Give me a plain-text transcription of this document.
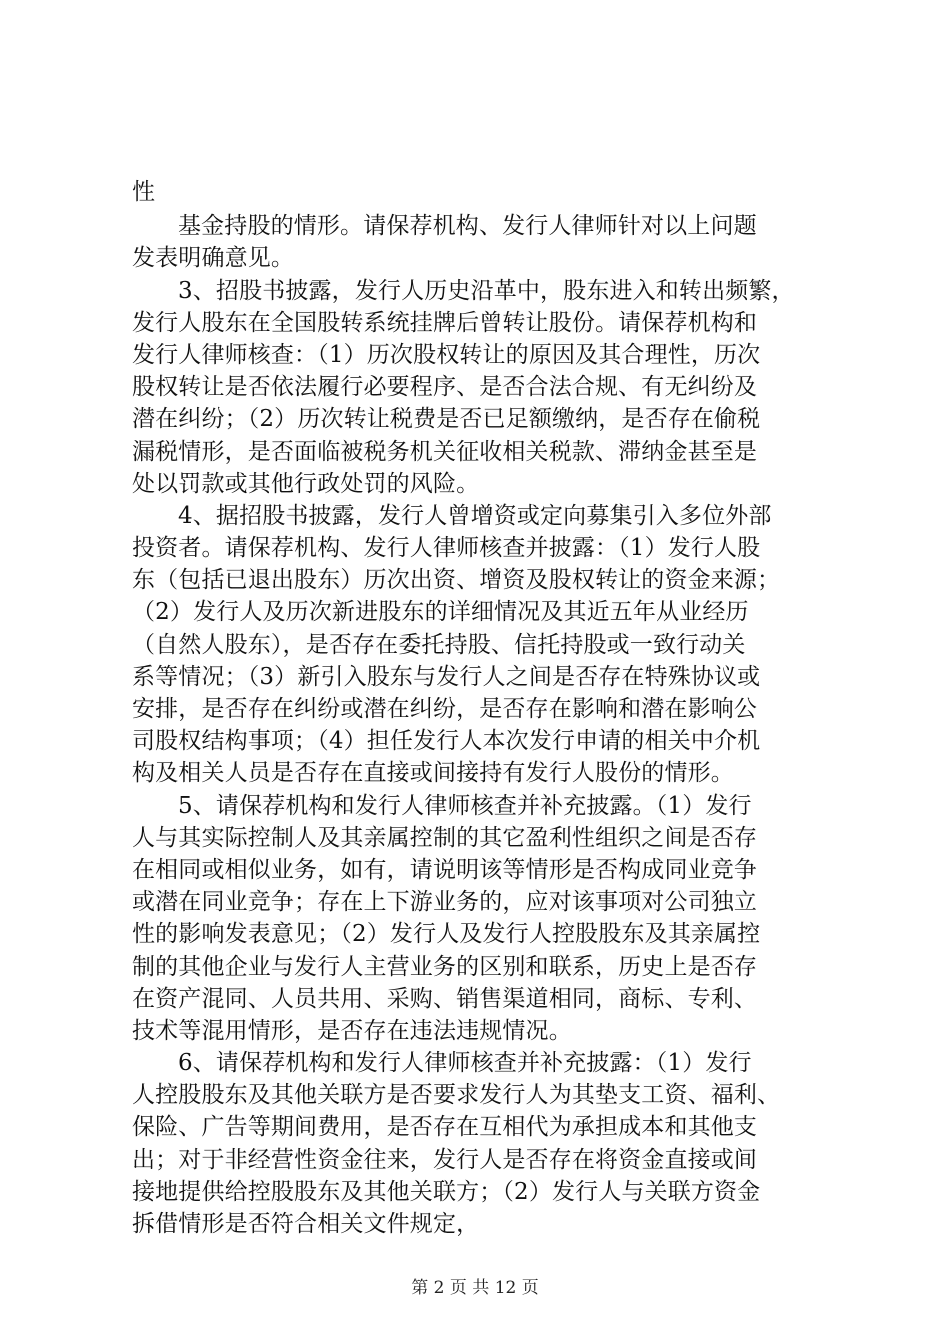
性
基金持股的情形。请保荐机构、发行人律师针对以上问题
发表明确意见。
3、招股书披露，发行人历史沿革中，股东进入和转出频繁，
发行人股东在全国股转系统挂牌后曾转让股份。请保荐机构和
发行人律师核查：（1）历次股权转让的原因及其合理性，历次
股权转让是否依法履行必要程序、是否合法合规、有无纠纷及
潜在纠纷；（2）历次转让税费是否已足额缴纳，是否存在偷税
漏税情形，是否面临被税务机关征收相关税款、滞纳金甚至是
处以罚款或其他行政处罚的风险。
4、据招股书披露，发行人曾增资或定向募集引入多位外部
投资者。请保荐机构、发行人律师核查并披露：（1）发行人股
东（包括已退出股东）历次出资、增资及股权转让的资金来源；
（2）发行人及历次新进股东的详细情况及其近五年从业经历
（自然人股东），是否存在委托持股、信托持股或一致行动关
系等情况；（3）新引入股东与发行人之间是否存在特殊协议或
安排，是否存在纠纷或潜在纠纷，是否存在影响和潜在影响公
司股权结构事项；（4）担任发行人本次发行申请的相关中介机
构及相关人员是否存在直接或间接持有发行人股份的情形。
5、请保荐机构和发行人律师核查并补充披露。（1）发行
人与其实际控制人及其亲属控制的其它盈利性组织之间是否存
在相同或相似业务，如有，请说明该等情形是否构成同业竞争
或潜在同业竞争；存在上下游业务的，应对该事项对公司独立
性的影响发表意见；（2）发行人及发行人控股股东及其亲属控
制的其他企业与发行人主营业务的区别和联系，历史上是否存
在资产混同、人员共用、采购、销售渠道相同，商标、专利、
技术等混用情形，是否存在违法违规情况。
6、请保荐机构和发行人律师核查并补充披露：（1）发行
人控股股东及其他关联方是否要求发行人为其垫支工资、福利、
保险、广告等期间费用，是否存在互相代为承担成本和其他支
出；对于非经营性资金往来，发行人是否存在将资金直接或间
接地提供给控股股东及其他关联方；（2）发行人与关联方资金
拆借情形是否符合相关文件规定，
第 2 页 共 12 页
